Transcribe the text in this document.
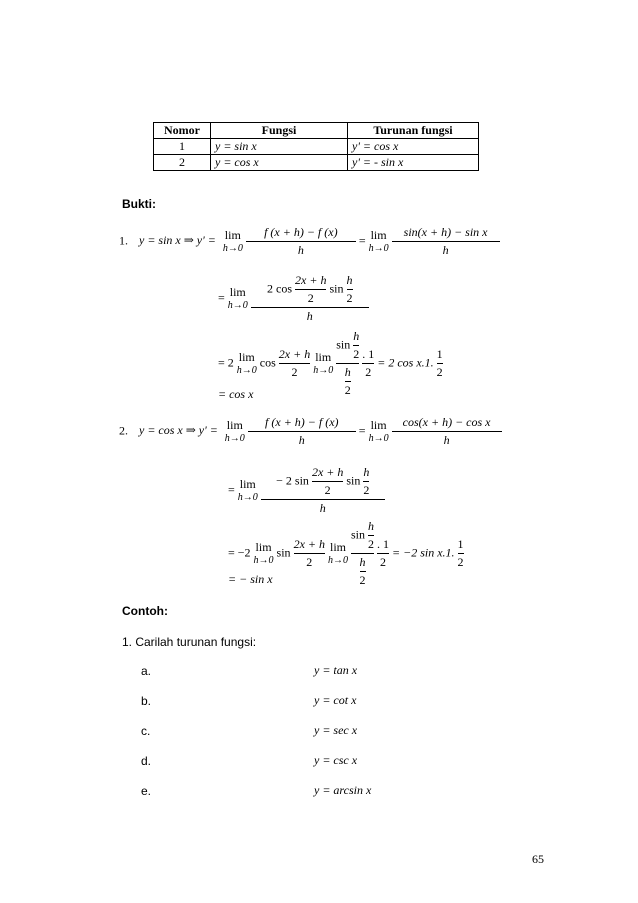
Nomor	Fungsi	Turunan fungsi
1	y = sin x	y' = cos x
2	y = cos x	y' = - sin x
Bukti:
1. y = sin x ⇒ y' = lim
h→0
$\frac{f (x + h) - f (x)}{h} = \lim$
h→0
$\frac{\text{sin(x + h) − sin x}}{h}$
= lim
h→0
$\frac{2 \cos \frac{2x + h}{2} \sin \frac{h}{2}}{h}$
= 2 lim
h→0
$\cos \frac{2x + h}{2}$ lim
h→0
$\frac{\sin \frac{h}{2}}{\frac{h}{2}}$
$\frac{. 1}{2} = 2$ cos x.1. $\frac{1}{2}$
= cos x
2. y = cos x ⇒ y' = lim
h→0
$\frac{f (x + h) - f (x)}{h} = \lim$
h→0
$\frac{\text{cos(x + h) − cos x}}{h}$
= lim
h→0
$\frac{- 2 \sin \frac{2x + h}{2} \sin \frac{h}{2}}{h}$
= −2 lim
h→0
$\sin \frac{2x + h}{2}$ lim
h→0
$\frac{\sin \frac{h}{2}}{\frac{h}{2}}$
$\frac{. 1}{2} = -2$ sin x.1. $\frac{1}{2}$
= − sin x
Contoh:
1. Carilah turunan fungsi:
a.	y = tan x
b.	y = cot x
c.	y = sec x
d.	y = csc x
e.	y = arcsin x
65
